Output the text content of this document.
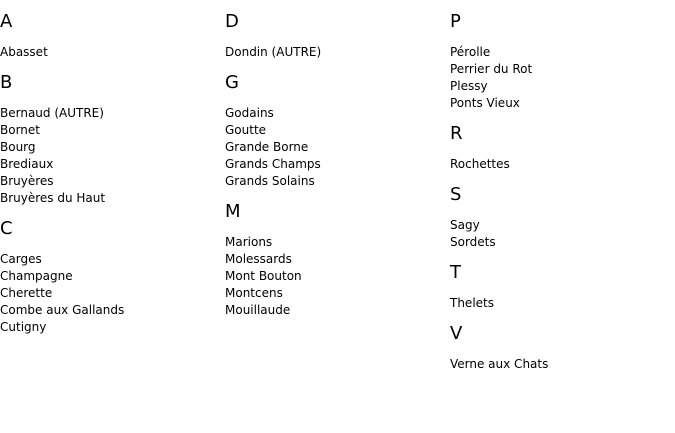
A
Abasset
B
Bernaud (AUTRE)
Bornet
Bourg
Brediaux
Bruyères
Bruyères du Haut
C
Carges
Champagne
Cherette
Combe aux Gallands
Cutigny
D
Dondin (AUTRE)
G
Godains
Goutte
Grande Borne
Grands Champs
Grands Solains
M
Marions
Molessards
Mont Bouton
Montcens
Mouillaude
P
Pérolle
Perrier du Rot
Plessy
Ponts Vieux
R
Rochettes
S
Sagy
Sordets
T
Thelets
V
Verne aux Chats
